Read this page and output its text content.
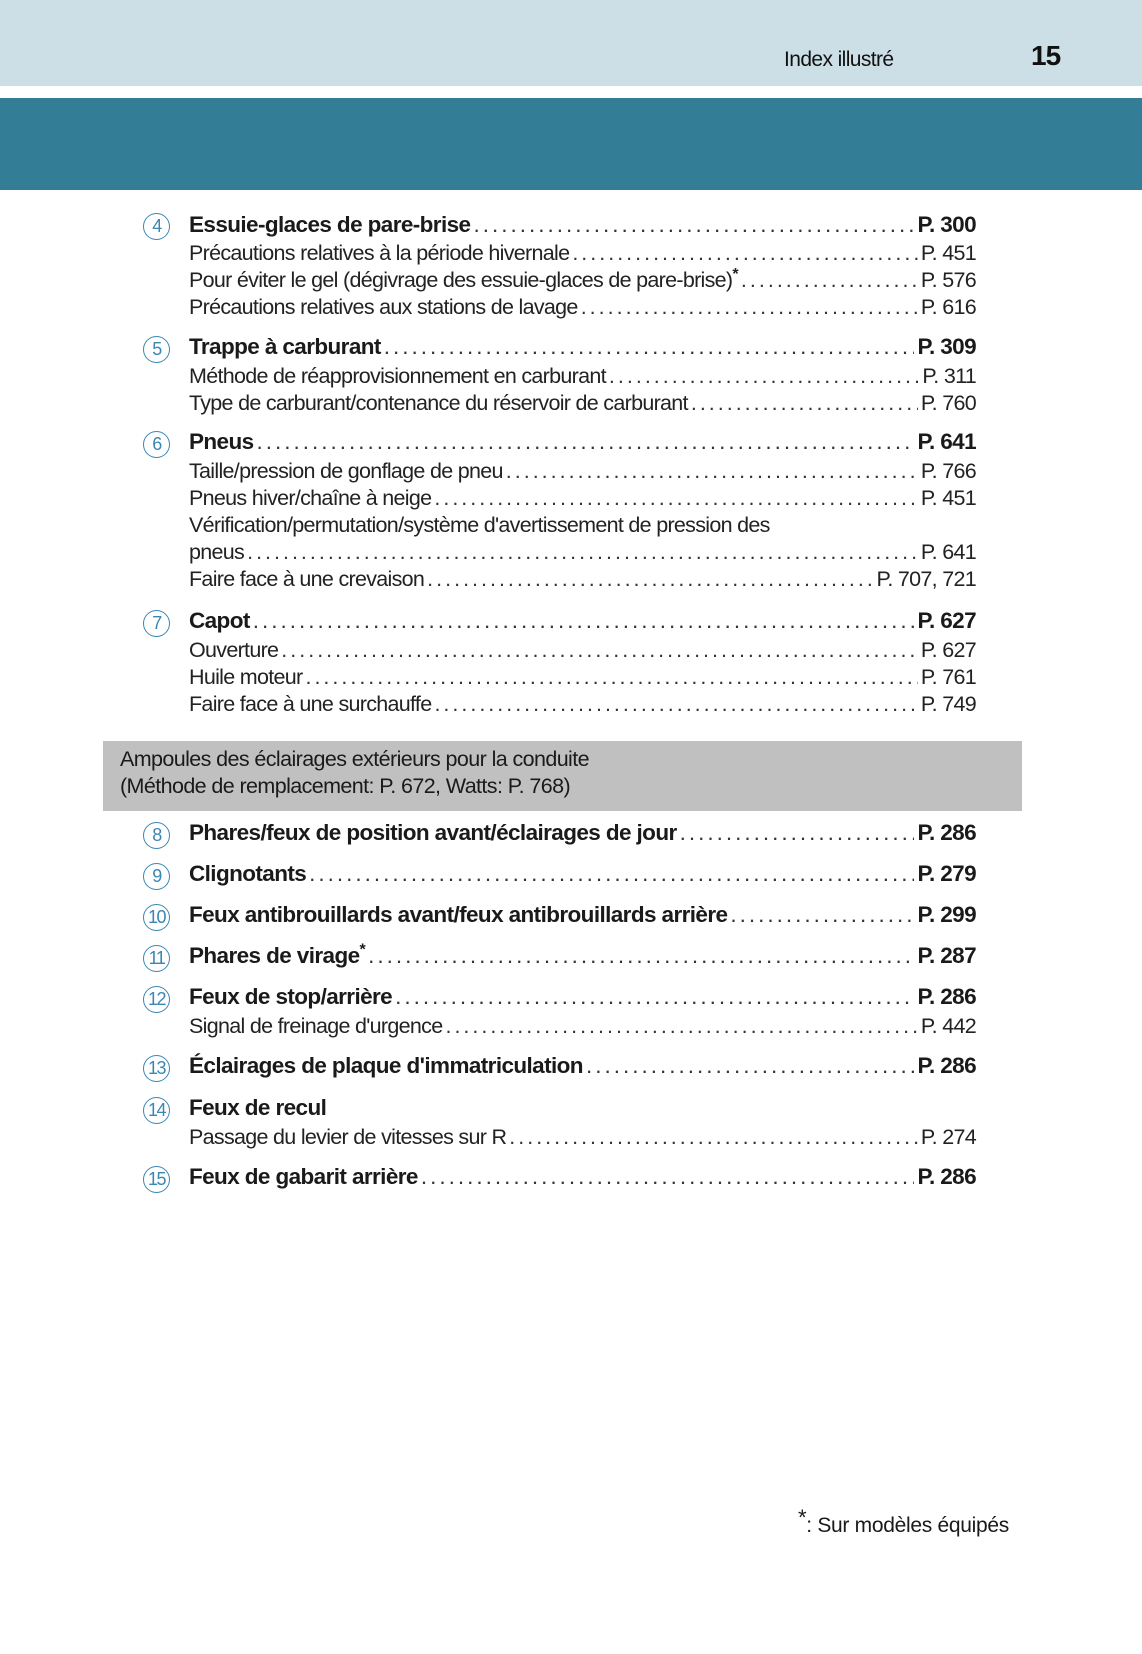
Index illustré	15
4	Essuie-glaces de pare-brise .....	P. 300
Précautions relatives à la période hivernale .....	P. 451
Pour éviter le gel (dégivrage des essuie-glaces de pare-brise)* .....	P. 576
Précautions relatives aux stations de lavage .....	P. 616
5	Trappe à carburant .....	P. 309
Méthode de réapprovisionnement en carburant .....	P. 311
Type de carburant/contenance du réservoir de carburant .....	P. 760
6	Pneus .....	P. 641
Taille/pression de gonflage de pneu .....	P. 766
Pneus hiver/chaîne à neige .....	P. 451
Vérification/permutation/système d'avertissement de pression des
pneus .....	P. 641
Faire face à une crevaison .....	P. 707, 721
7	Capot .....	P. 627
Ouverture .....	P. 627
Huile moteur .....	P. 761
Faire face à une surchauffe .....	P. 749
Ampoules des éclairages extérieurs pour la conduite
(Méthode de remplacement: P. 672, Watts: P. 768)
8	Phares/feux de position avant/éclairages de jour .....	P. 286
9	Clignotants .....	P. 279
10 Feux antibrouillards avant/feux antibrouillards arrière .....	P. 299
11 Phares de virage* .....	P. 287
12 Feux de stop/arrière .....	P. 286
Signal de freinage d'urgence .....	P. 442
13 Éclairages de plaque d'immatriculation .....	P. 286
14 Feux de recul
Passage du levier de vitesses sur R .....	P. 274
15 Feux de gabarit arrière .....	P. 286
*: Sur modèles équipés
